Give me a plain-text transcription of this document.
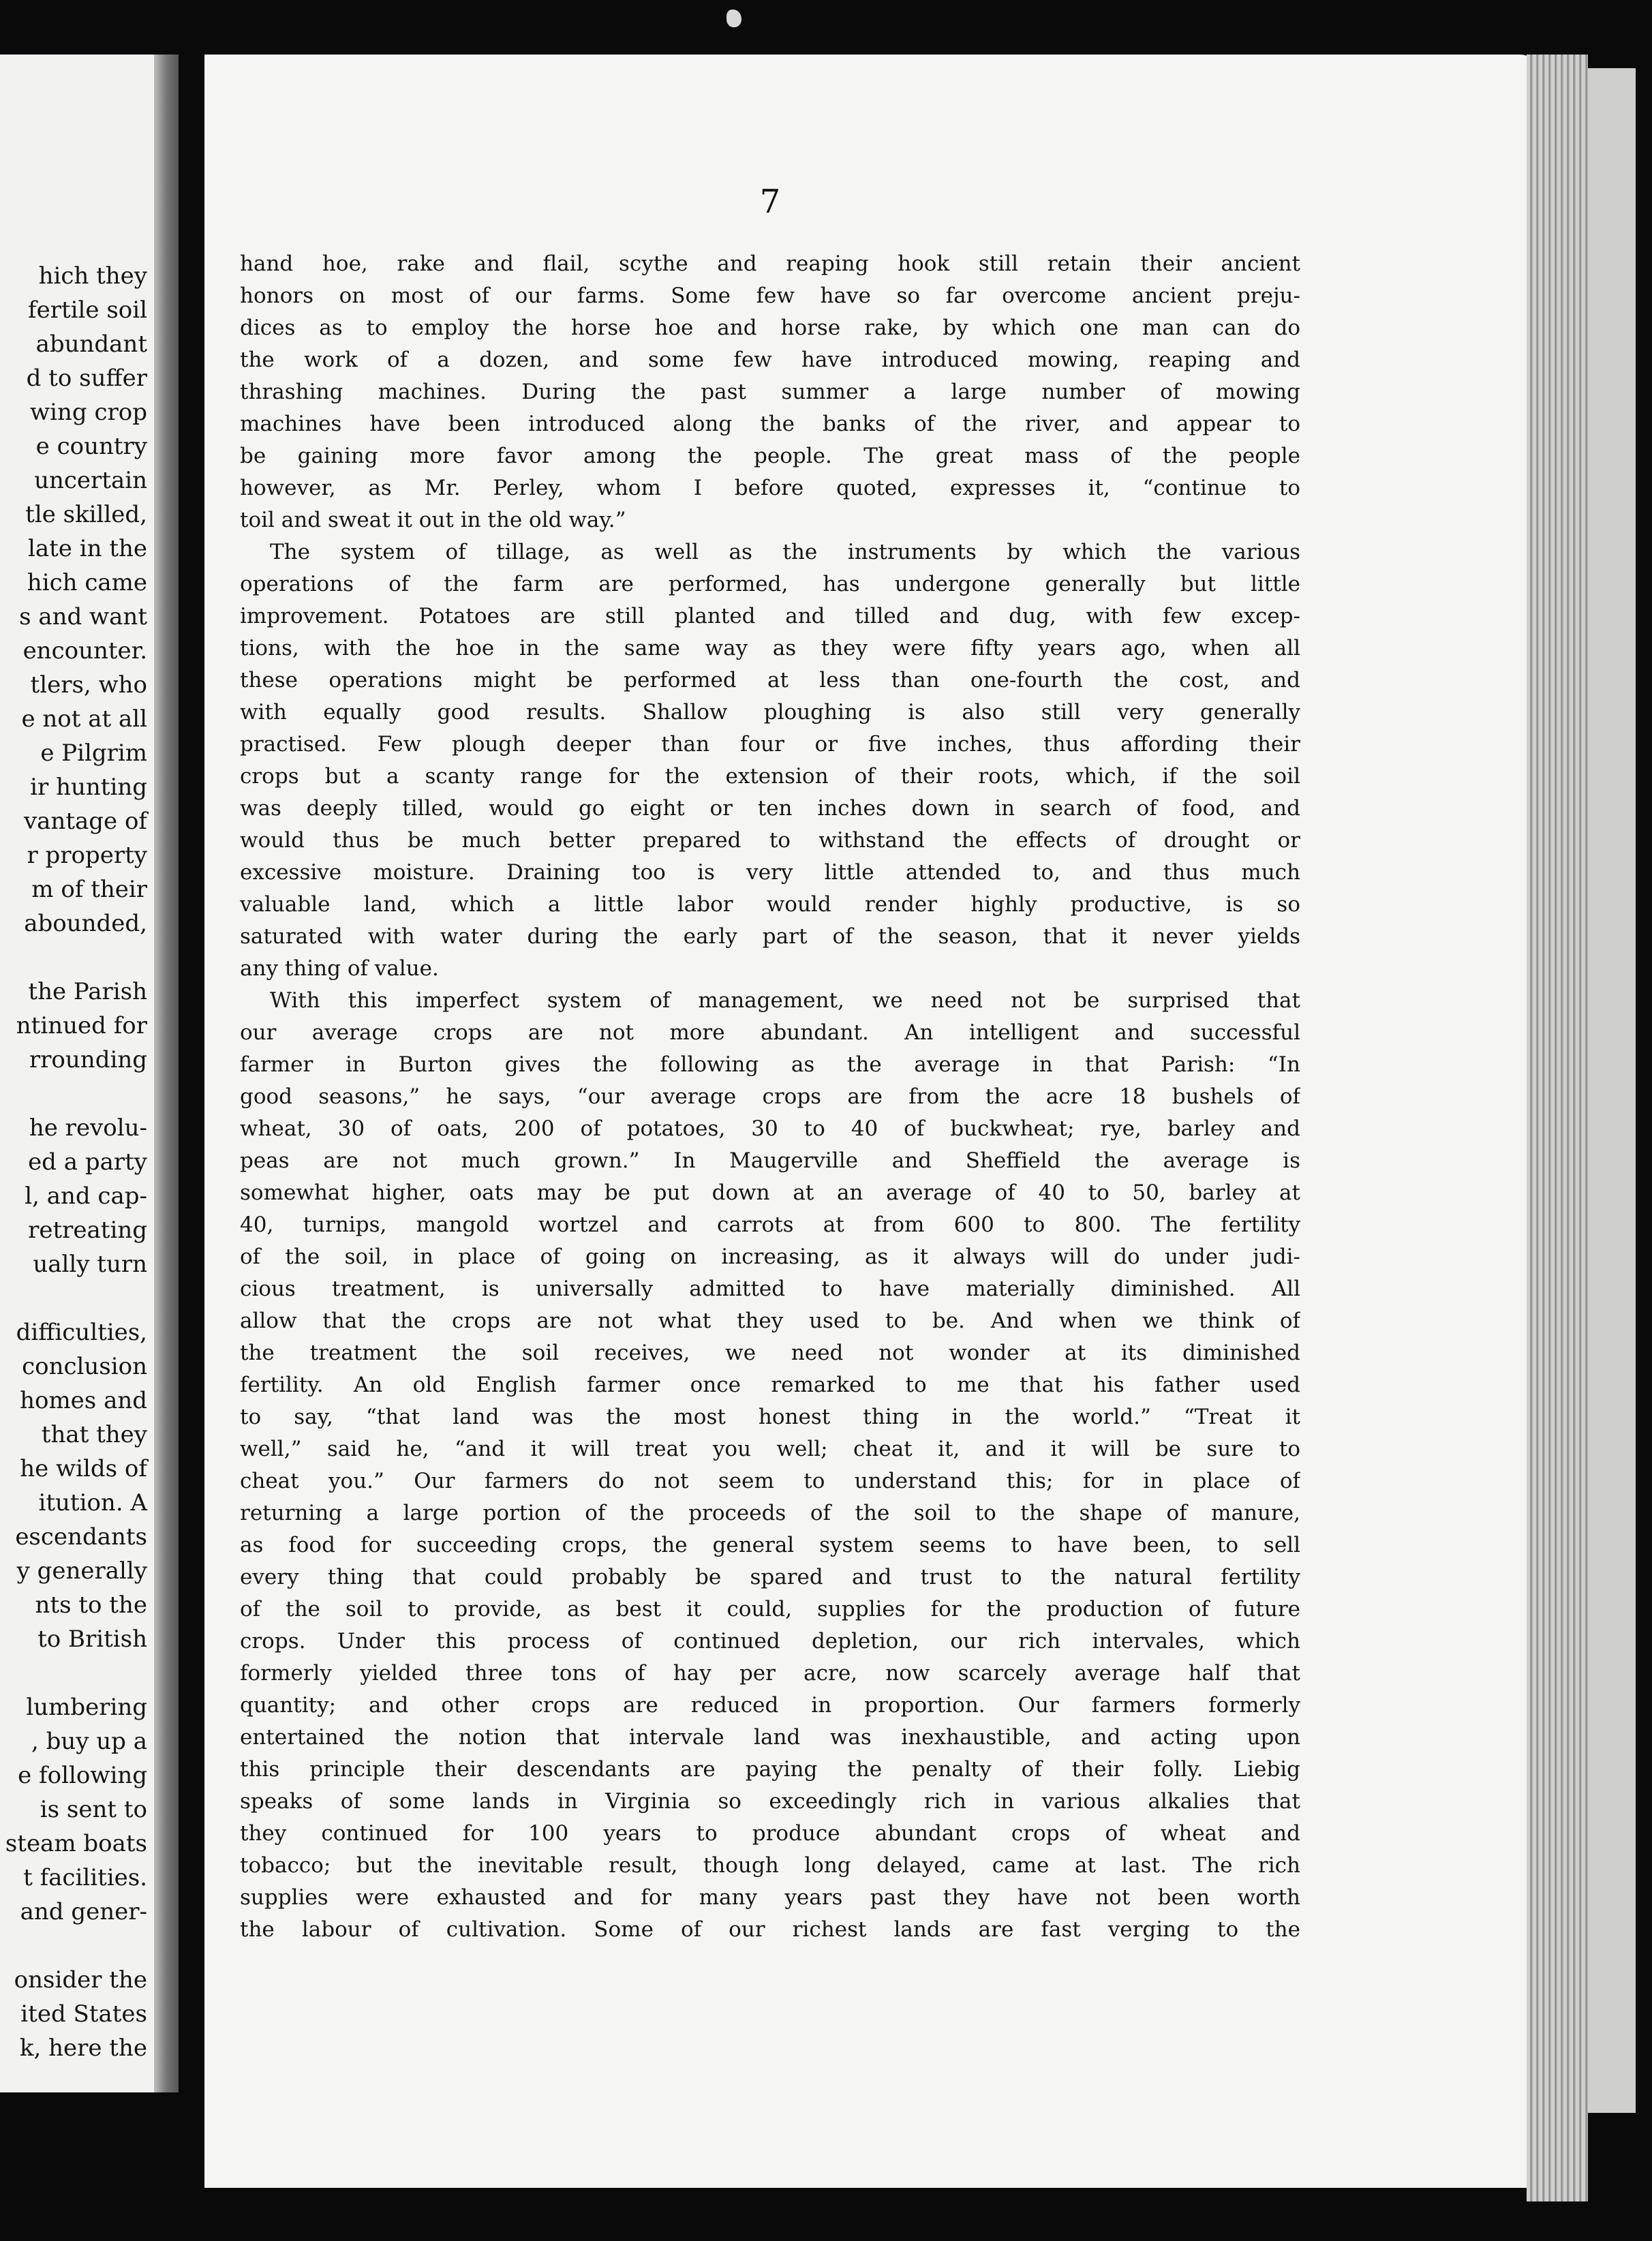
hich they
fertile soil
abundant
d to suffer
wing crop
e country
uncertain
tle skilled,
late in the
hich came
s and want
encounter.
tlers, who
e not at all
e Pilgrim
ir hunting
vantage of
r property
m of their
abounded,
the Parish
ntinued for
rrounding
he revolu-
ed a party
l, and cap-
retreating
ually turn
difficulties,
conclusion
homes and
that they
he wilds of
itution. A
escendants
y generally
nts to the
to British
lumbering
, buy up a
e following
is sent to
steam boats
t facilities.
and gener-
onsider the
ited States
k, here the
7
hand hoe, rake and flail, scythe and reaping hook still retain their ancient
honors on most of our farms. Some few have so far overcome ancient preju-
dices as to employ the horse hoe and horse rake, by which one man can do
the work of a dozen, and some few have introduced mowing, reaping and
thrashing machines. During the past summer a large number of mowing
machines have been introduced along the banks of the river, and appear to
be gaining more favor among the people. The great mass of the people
however, as Mr. Perley, whom I before quoted, expresses it, “continue to
toil and sweat it out in the old way.”
The system of tillage, as well as the instruments by which the various
operations of the farm are performed, has undergone generally but little
improvement. Potatoes are still planted and tilled and dug, with few excep-
tions, with the hoe in the same way as they were fifty years ago, when all
these operations might be performed at less than one-fourth the cost, and
with equally good results. Shallow ploughing is also still very generally
practised. Few plough deeper than four or five inches, thus affording their
crops but a scanty range for the extension of their roots, which, if the soil
was deeply tilled, would go eight or ten inches down in search of food, and
would thus be much better prepared to withstand the effects of drought or
excessive moisture. Draining too is very little attended to, and thus much
valuable land, which a little labor would render highly productive, is so
saturated with water during the early part of the season, that it never yields
any thing of value.
With this imperfect system of management, we need not be surprised that
our average crops are not more abundant. An intelligent and successful
farmer in Burton gives the following as the average in that Parish: “In
good seasons,” he says, “our average crops are from the acre 18 bushels of
wheat, 30 of oats, 200 of potatoes, 30 to 40 of buckwheat; rye, barley and
peas are not much grown.” In Maugerville and Sheffield the average is
somewhat higher, oats may be put down at an average of 40 to 50, barley at
40, turnips, mangold wortzel and carrots at from 600 to 800. The fertility
of the soil, in place of going on increasing, as it always will do under judi-
cious treatment, is universally admitted to have materially diminished. All
allow that the crops are not what they used to be. And when we think of
the treatment the soil receives, we need not wonder at its diminished
fertility. An old English farmer once remarked to me that his father used
to say, “that land was the most honest thing in the world.” “Treat it
well,” said he, “and it will treat you well; cheat it, and it will be sure to
cheat you.” Our farmers do not seem to understand this; for in place of
returning a large portion of the proceeds of the soil to the shape of manure,
as food for succeeding crops, the general system seems to have been, to sell
every thing that could probably be spared and trust to the natural fertility
of the soil to provide, as best it could, supplies for the production of future
crops. Under this process of continued depletion, our rich intervales, which
formerly yielded three tons of hay per acre, now scarcely average half that
quantity; and other crops are reduced in proportion. Our farmers formerly
entertained the notion that intervale land was inexhaustible, and acting upon
this principle their descendants are paying the penalty of their folly. Liebig
speaks of some lands in Virginia so exceedingly rich in various alkalies that
they continued for 100 years to produce abundant crops of wheat and
tobacco; but the inevitable result, though long delayed, came at last. The rich
supplies were exhausted and for many years past they have not been worth
the labour of cultivation. Some of our richest lands are fast verging to the
